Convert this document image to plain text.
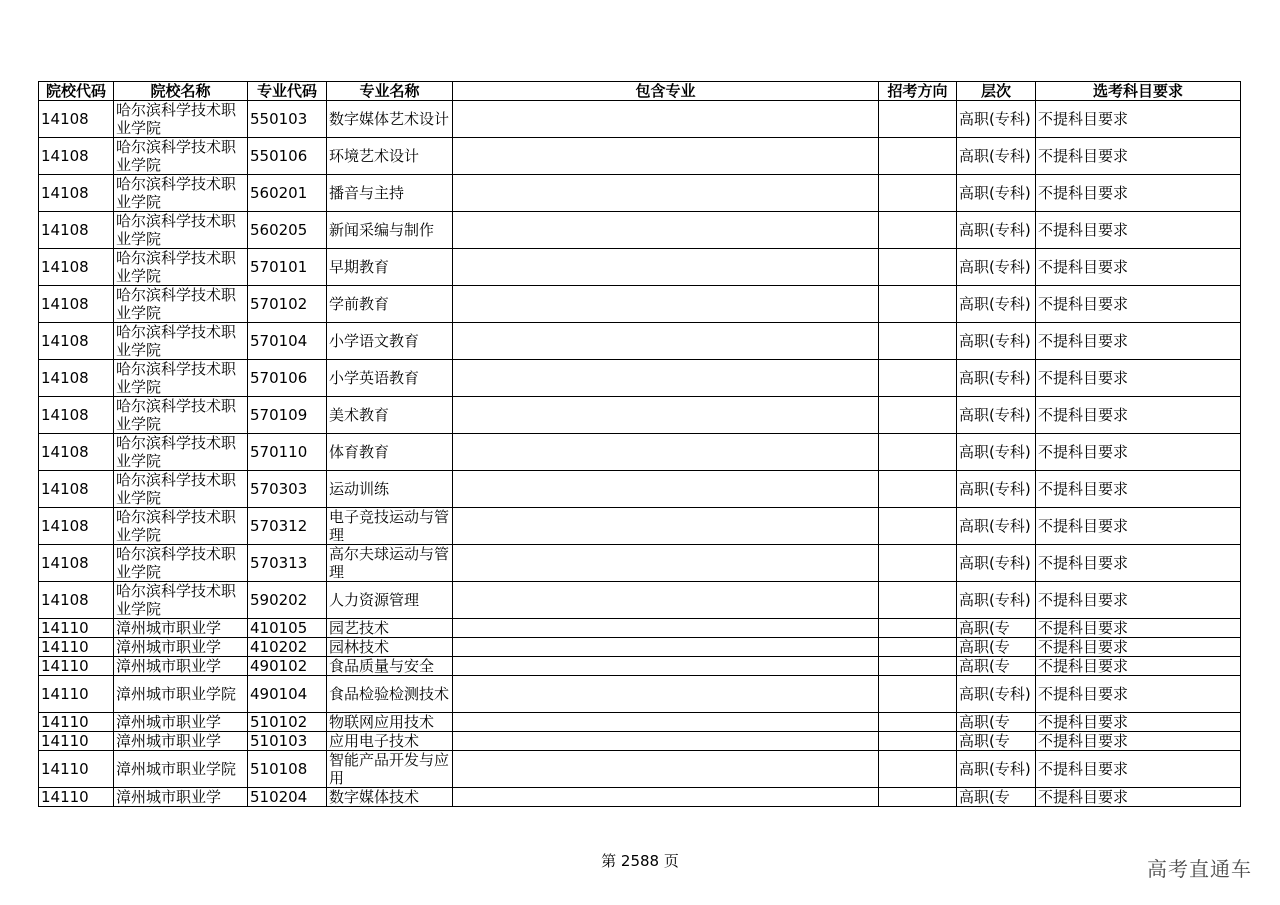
院校代码	院校名称	专业代码	专业名称	包含专业	招考方向	层次	选考科目要求

14108	哈尔滨科学技术职业学院	550103	数字媒体艺术设计			高职(专科)	不提科目要求

14108	哈尔滨科学技术职业学院	550106	环境艺术设计			高职(专科)	不提科目要求

14108	哈尔滨科学技术职业学院	560201	播音与主持			高职(专科)	不提科目要求

14108	哈尔滨科学技术职业学院	560205	新闻采编与制作			高职(专科)	不提科目要求

14108	哈尔滨科学技术职业学院	570101	早期教育			高职(专科)	不提科目要求

14108	哈尔滨科学技术职业学院	570102	学前教育			高职(专科)	不提科目要求

14108	哈尔滨科学技术职业学院	570104	小学语文教育			高职(专科)	不提科目要求

14108	哈尔滨科学技术职业学院	570106	小学英语教育			高职(专科)	不提科目要求

14108	哈尔滨科学技术职业学院	570109	美术教育			高职(专科)	不提科目要求

14108	哈尔滨科学技术职业学院	570110	体育教育			高职(专科)	不提科目要求

14108	哈尔滨科学技术职业学院	570303	运动训练			高职(专科)	不提科目要求

14108	哈尔滨科学技术职业学院	570312	电子竞技运动与管理			高职(专科)	不提科目要求

14108	哈尔滨科学技术职业学院	570313	高尔夫球运动与管理			高职(专科)	不提科目要求

14108	哈尔滨科学技术职业学院	590202	人力资源管理			高职(专科)	不提科目要求

14110	漳州城市职业学	410105	园艺技术			高职(专	不提科目要求
14110	漳州城市职业学	410202	园林技术			高职(专	不提科目要求
14110	漳州城市职业学	490102	食品质量与安全			高职(专	不提科目要求

14110	漳州城市职业学院	490104	食品检验检测技术			高职(专科)	不提科目要求

14110	漳州城市职业学	510102	物联网应用技术			高职(专	不提科目要求
14110	漳州城市职业学	510103	应用电子技术			高职(专	不提科目要求

14110	漳州城市职业学院	510108	智能产品开发与应用			高职(专科)	不提科目要求

14110	漳州城市职业学	510204	数字媒体技术			高职(专	不提科目要求
第 2588 页	高考直通车
